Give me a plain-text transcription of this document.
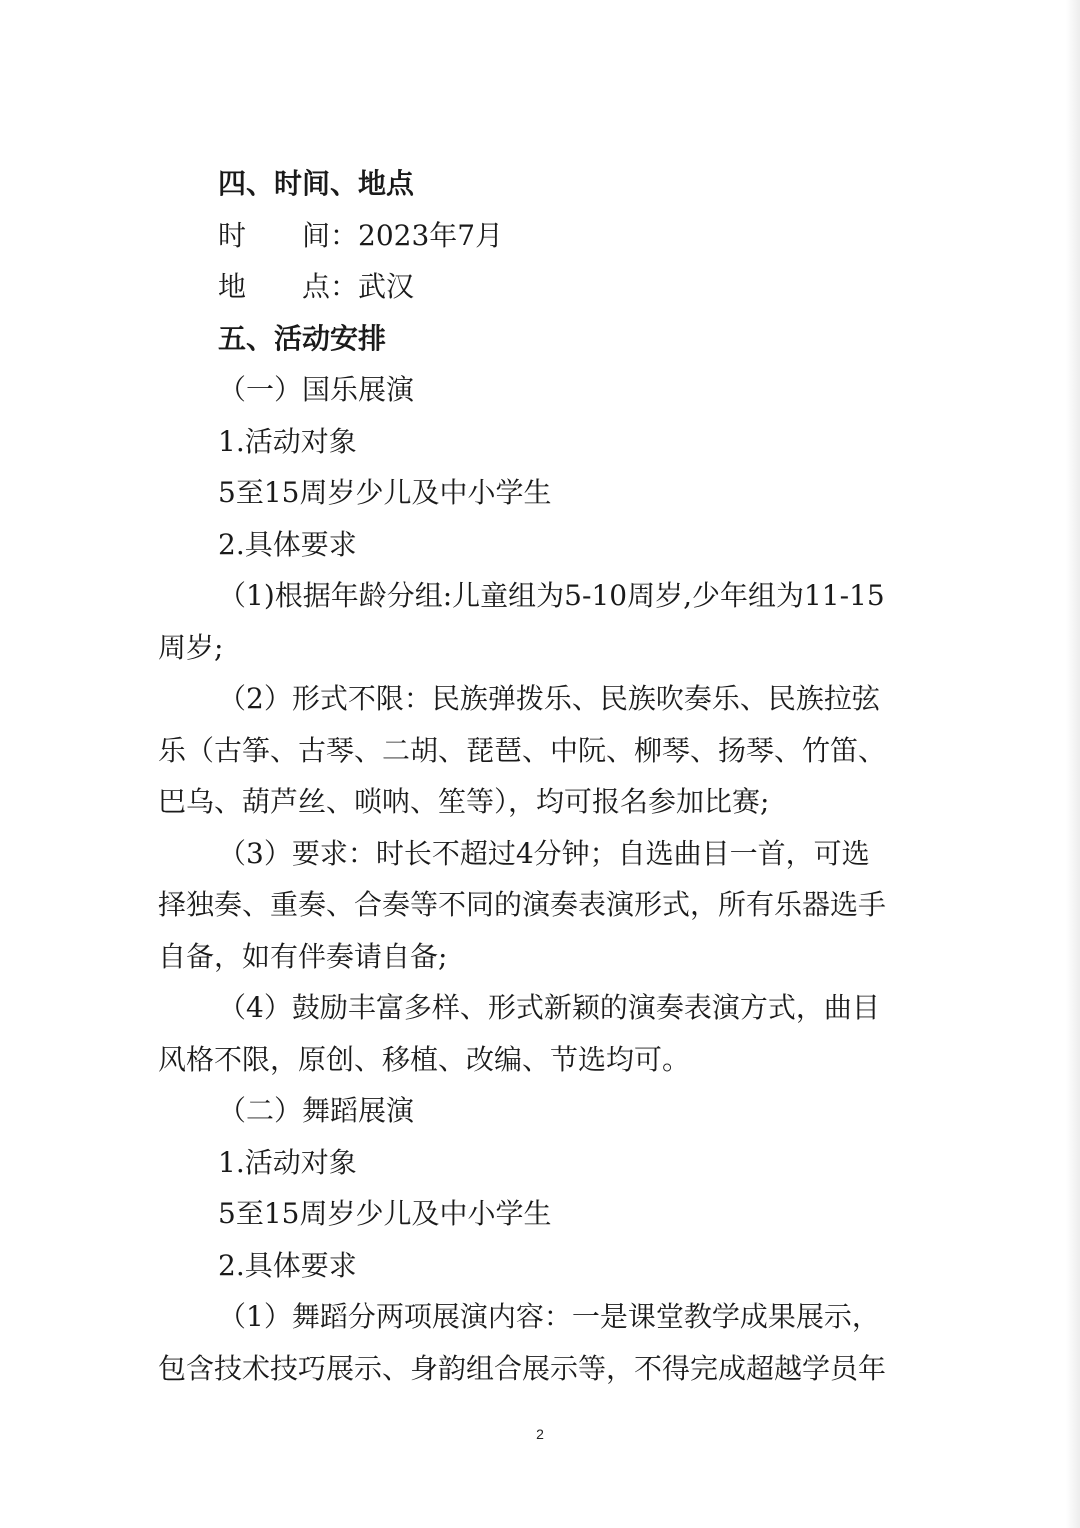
四、时间、地点
时　　间：2023年7月
地　　点：武汉
五、活动安排
（一）国乐展演
1.活动对象
5至15周岁少儿及中小学生
2.具体要求
（1)根据年龄分组:儿童组为5-10周岁,少年组为11-15
周岁;
（2）形式不限：民族弹拨乐、民族吹奏乐、民族拉弦
乐（古筝、古琴、二胡、琵琶、中阮、柳琴、扬琴、竹笛、
巴乌、葫芦丝、唢呐、笙等），均可报名参加比赛;
（3）要求：时长不超过4分钟；自选曲目一首，可选
择独奏、重奏、合奏等不同的演奏表演形式，所有乐器选手
自备，如有伴奏请自备;
（4）鼓励丰富多样、形式新颖的演奏表演方式，曲目
风格不限，原创、移植、改编、节选均可。
（二）舞蹈展演
1.活动对象
5至15周岁少儿及中小学生
2.具体要求
（1）舞蹈分两项展演内容：一是课堂教学成果展示，
包含技术技巧展示、身韵组合展示等，不得完成超越学员年
2
